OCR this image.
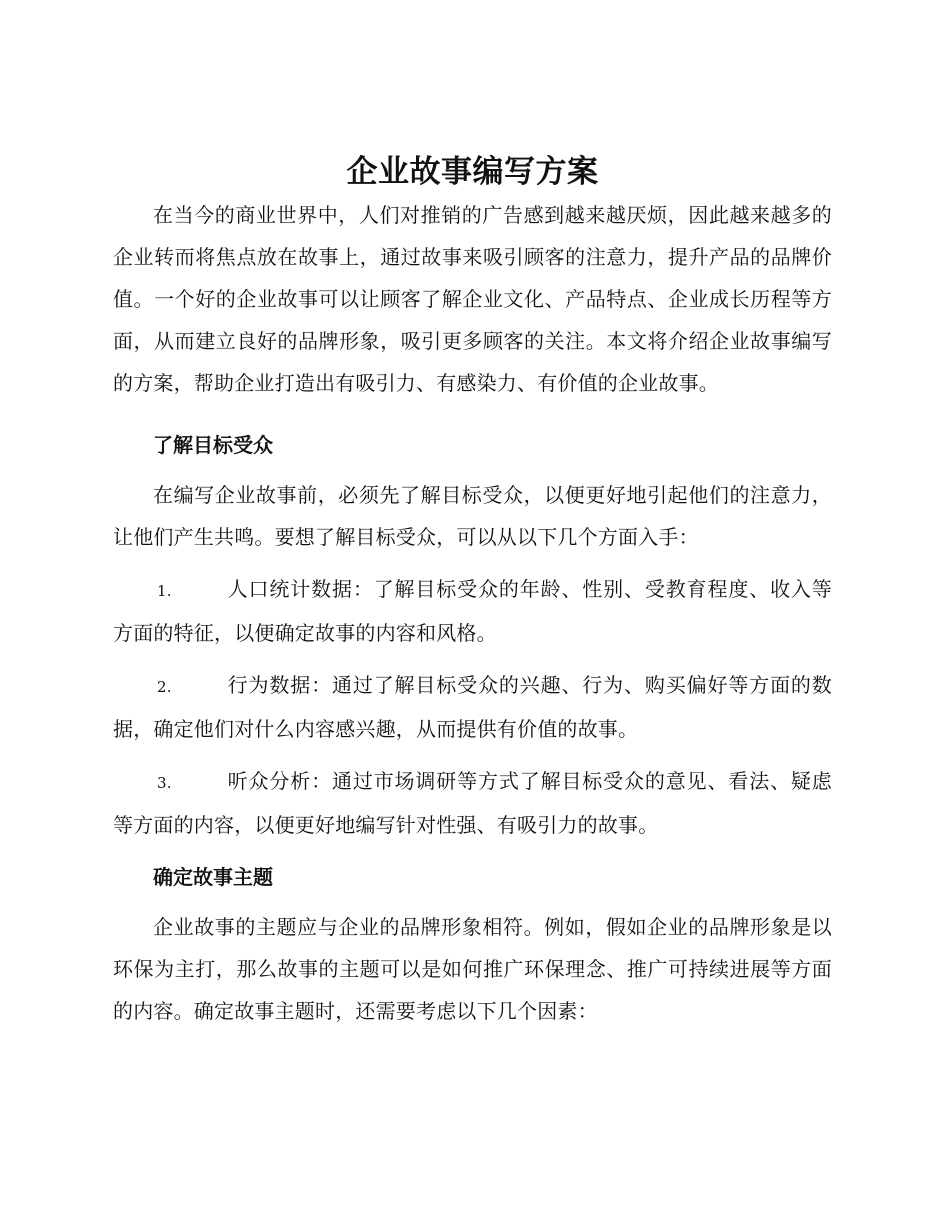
企业故事编写方案

在当今的商业世界中，人们对推销的广告感到越来越厌烦，因此越来越多的企业转而将焦点放在故事上，通过故事来吸引顾客的注意力，提升产品的品牌价值。一个好的企业故事可以让顾客了解企业文化、产品特点、企业成长历程等方面，从而建立良好的品牌形象，吸引更多顾客的关注。本文将介绍企业故事编写的方案，帮助企业打造出有吸引力、有感染力、有价值的企业故事。

了解目标受众

在编写企业故事前，必须先了解目标受众，以便更好地引起他们的注意力，让他们产生共鸣。要想了解目标受众，可以从以下几个方面入手：

1.	人口统计数据：了解目标受众的年龄、性别、受教育程度、收入等方面的特征，以便确定故事的内容和风格。

2.	行为数据：通过了解目标受众的兴趣、行为、购买偏好等方面的数据，确定他们对什么内容感兴趣，从而提供有价值的故事。

3.	听众分析：通过市场调研等方式了解目标受众的意见、看法、疑虑等方面的内容，以便更好地编写针对性强、有吸引力的故事。

确定故事主题

企业故事的主题应与企业的品牌形象相符。例如，假如企业的品牌形象是以环保为主打，那么故事的主题可以是如何推广环保理念、推广可持续进展等方面的内容。确定故事主题时，还需要考虑以下几个因素：
